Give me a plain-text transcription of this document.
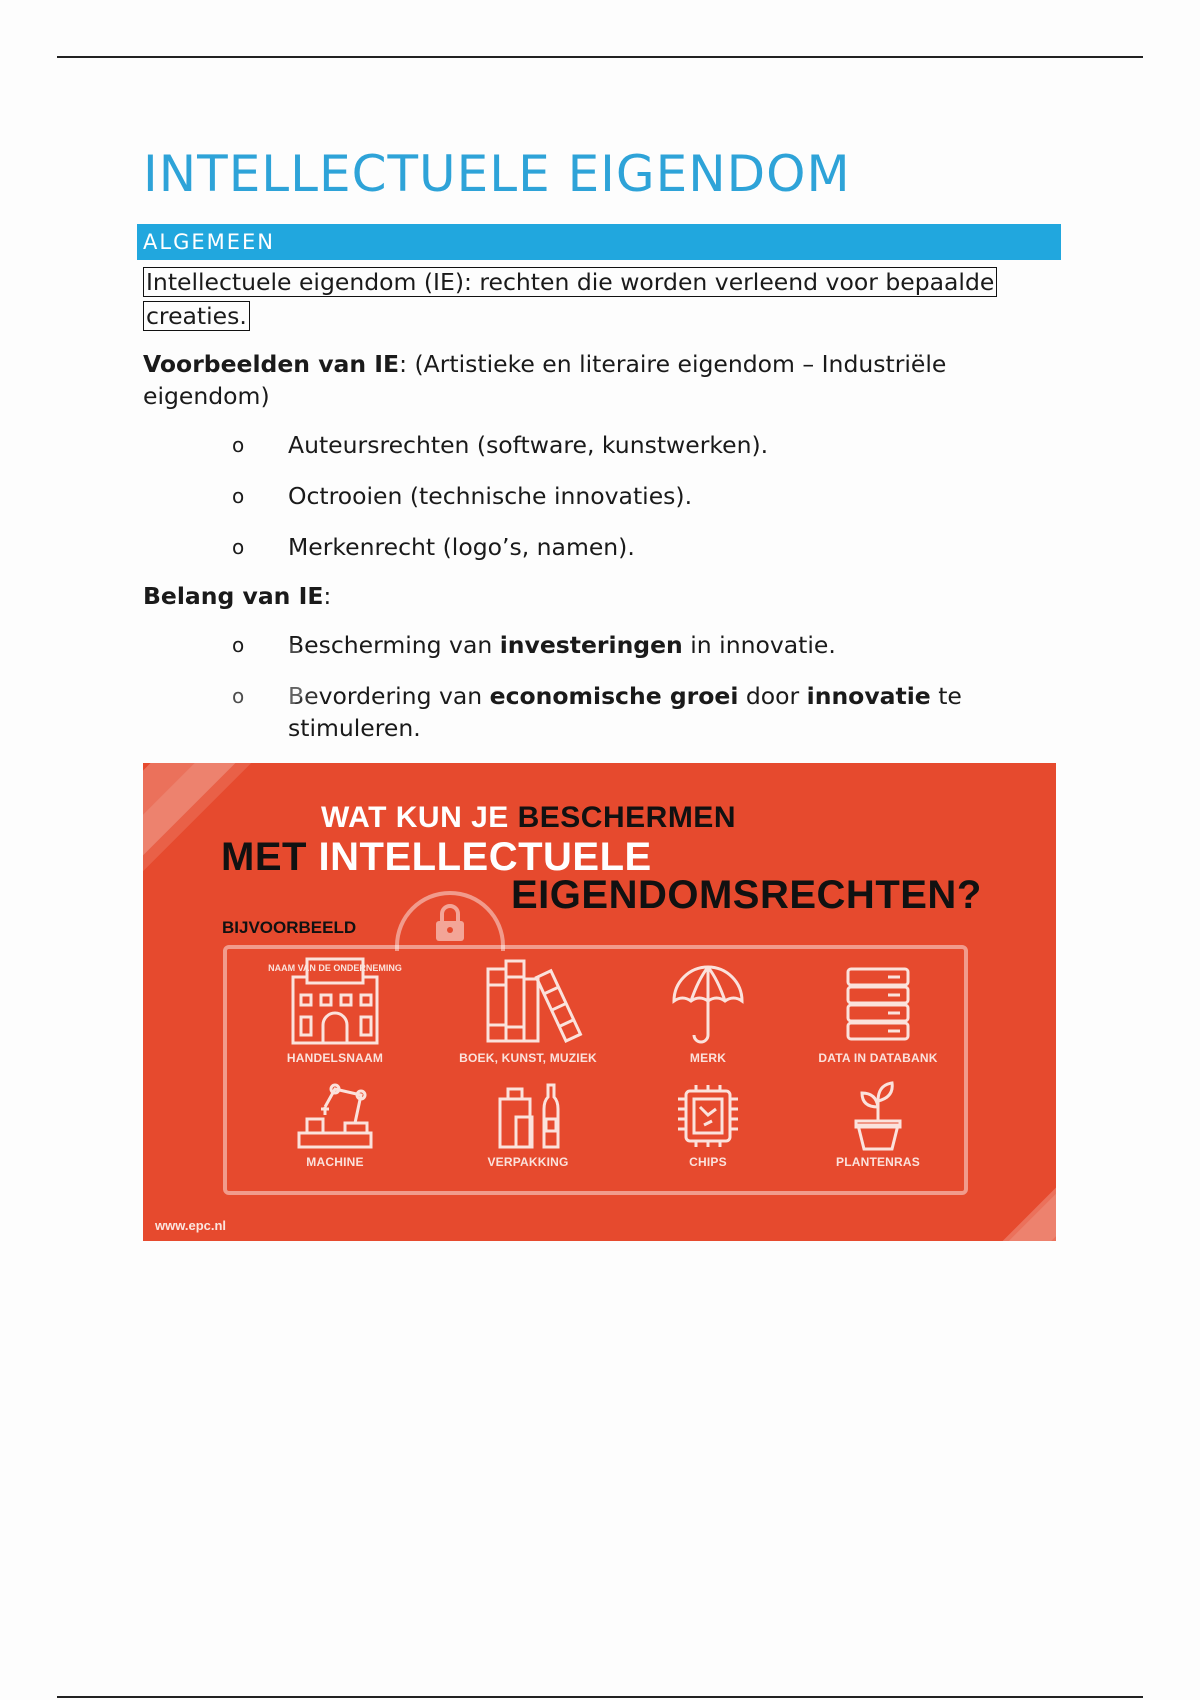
INTELLECTUELE EIGENDOM
ALGEMEEN
Intellectuele eigendom (IE): rechten die worden verleend voor bepaalde creaties.
Voorbeelden van IE: (Artistieke en literaire eigendom – Industriële eigendom)
o Auteursrechten (software, kunstwerken).
o Octrooien (technische innovaties).
o Merkenrecht (logo’s, namen).
Belang van IE:
o Bescherming van investeringen in innovatie.
o Bevordering van economische groei door innovatie te stimuleren.
WAT KUN JE BESCHERMEN
MET INTELLECTUELE
EIGENDOMSRECHTEN?
BIJVOORBEELD
NAAM VAN DE ONDERNEMING
HANDELSNAAM	BOEK, KUNST, MUZIEK	MERK	DATA IN DATABANK
MACHINE	VERPAKKING	CHIPS	PLANTENRAS
www.epc.nl
